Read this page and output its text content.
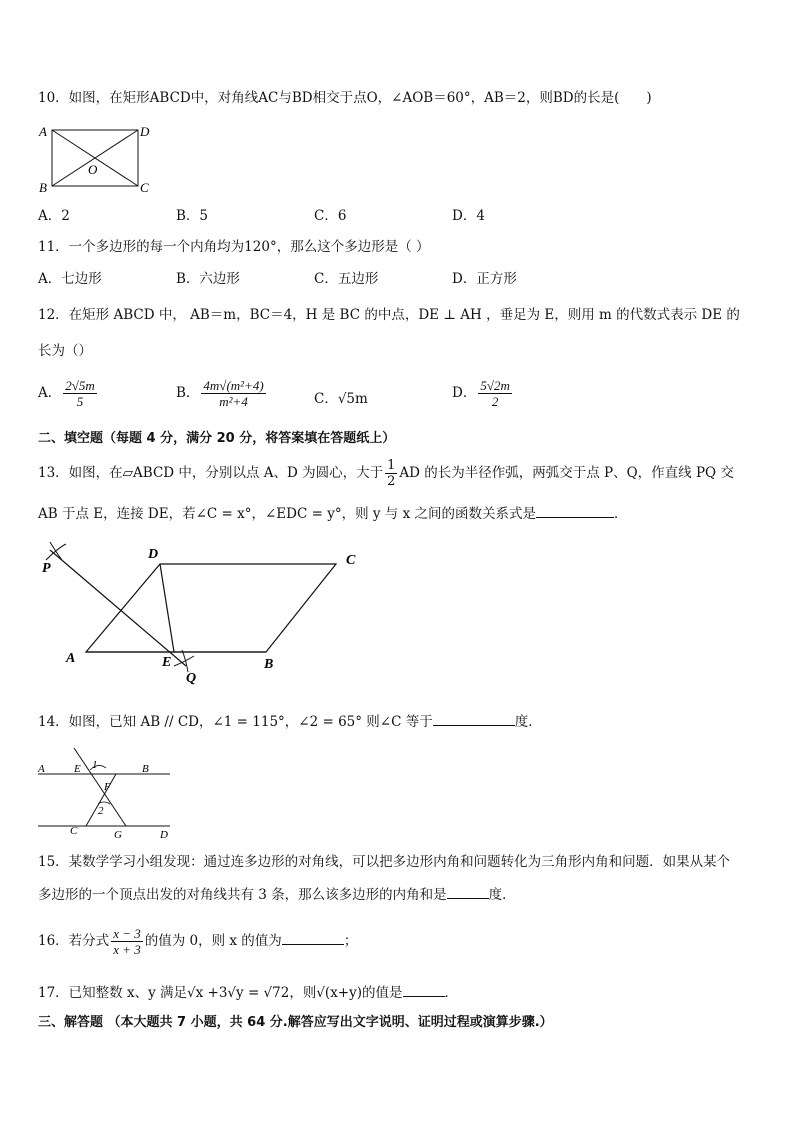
10．如图，在矩形ABCD中，对角线AC与BD相交于点O，∠AOB＝60°，AB＝2，则BD的长是(　　)
A	D
B	C
O
A．2	B．5	C．6	D．4
11．一个多边形的每一个内角均为120°，那么这个多边形是（ ）
A．七边形	B．六边形	C．五边形	D．正方形
12．在矩形 ABCD 中， AB＝m，BC＝4，H 是 BC 的中点，DE ⊥ AH ，垂足为 E，则用 m 的代数式表示 DE 的
长为（）
A． $\frac{2√5m}{5}$	B． $\frac{\text{4m√(m²+4)}}{\text{m²+4}}$	C．√5m	D． $\frac{5√2m}{2}$
二、填空题（每题 4 分，满分 20 分，将答案填在答题纸上）
13．如图，在▱ABCD 中，分别以点 A、D 为圆心，大于 $\frac{1}{2}$ AD 的长为半径作弧，两弧交于点 P、Q，作直线 PQ 交
AB 于点 E，连接 DE，若∠C = x°，∠EDC = y°，则 y 与 x 之间的函数关系式是	．
P
D	C
A	E	B
Q
14．如图，已知 AB // CD，∠1 = 115°，∠2 = 65° 则∠C 等于	度．
A	E 1	B
F
2
C	G	D
15．某数学学习小组发现：通过连多边形的对角线，可以把多边形内角和问题转化为三角形内角和问题．如果从某个
多边形的一个顶点出发的对角线共有 3 条，那么该多边形的内角和是	度．
16．若分式 $\frac{x - 3}{x + 3}$ 的值为 0，则 x 的值为	；
17．已知整数 x、y 满足√x +3√y = √72，则√(x+y)的值是	．
三、解答题 （本大题共 7 小题，共 64 分.解答应写出文字说明、证明过程或演算步骤.）
